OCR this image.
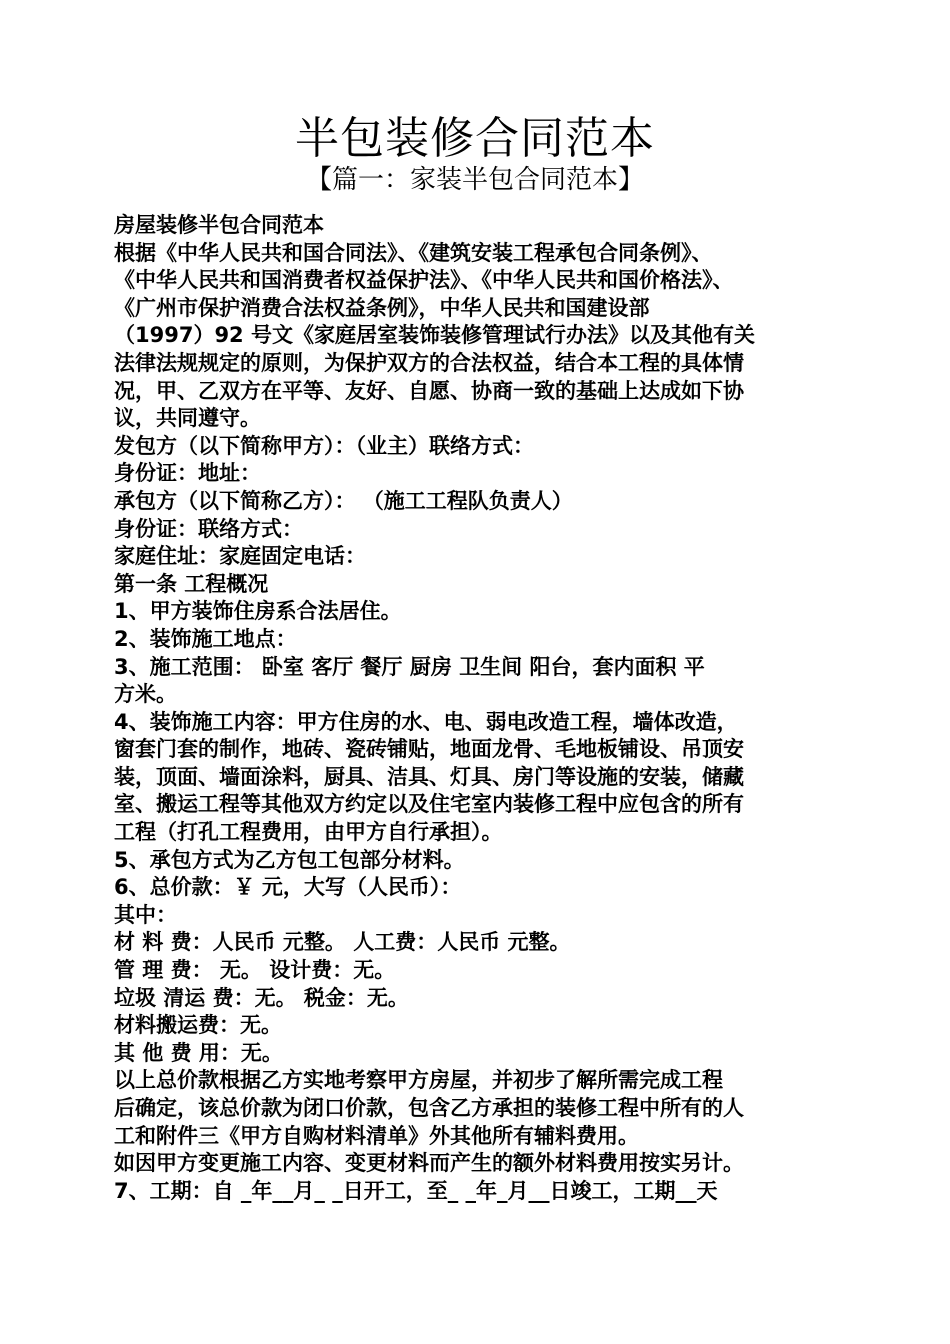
半包装修合同范本
【篇一：家装半包合同范本】
房屋装修半包合同范本
根据《中华人民共和国合同法》、《建筑安装工程承包合同条例》、
《中华人民共和国消费者权益保护法》、《中华人民共和国价格法》、
《广州市保护消费合法权益条例》，中华人民共和国建设部
（1997）92 号文《家庭居室装饰装修管理试行办法》以及其他有关
法律法规规定的原则，为保护双方的合法权益，结合本工程的具体情
况，甲、乙双方在平等、友好、自愿、协商一致的基础上达成如下协
议，共同遵守。
发包方（以下简称甲方）：（业主）联络方式：
身份证：地址：
承包方（以下简称乙方）： （施工工程队负责人）
身份证：联络方式：
家庭住址：家庭固定电话：
第一条 工程概况
1、甲方装饰住房系合法居住。
2、装饰施工地点：
3、施工范围： 卧室 客厅 餐厅 厨房 卫生间 阳台，套内面积 平
方米。
4、装饰施工内容：甲方住房的水、电、弱电改造工程，墙体改造，
窗套门套的制作，地砖、瓷砖铺贴，地面龙骨、毛地板铺设、吊顶安
装，顶面、墙面涂料，厨具、洁具、灯具、房门等设施的安装，储藏
室、搬运工程等其他双方约定以及住宅室内装修工程中应包含的所有
工程（打孔工程费用，由甲方自行承担）。
5、承包方式为乙方包工包部分材料。
6、总价款：￥ 元，大写（人民币）：
其中：
材 料 费：人民币 元整。 人工费：人民币 元整。
管 理 费： 无。 设计费：无。
垃圾 清运 费：无。 税金：无。
材料搬运费：无。
其 他 费 用：无。
以上总价款根据乙方实地考察甲方房屋，并初步了解所需完成工程
后确定，该总价款为闭口价款，包含乙方承担的装修工程中所有的人
工和附件三《甲方自购材料清单》外其他所有辅料费用。
如因甲方变更施工内容、变更材料而产生的额外材料费用按实另计。
7、工期：自 _年__月_ _日开工，至_ _年_月__日竣工，工期__天
